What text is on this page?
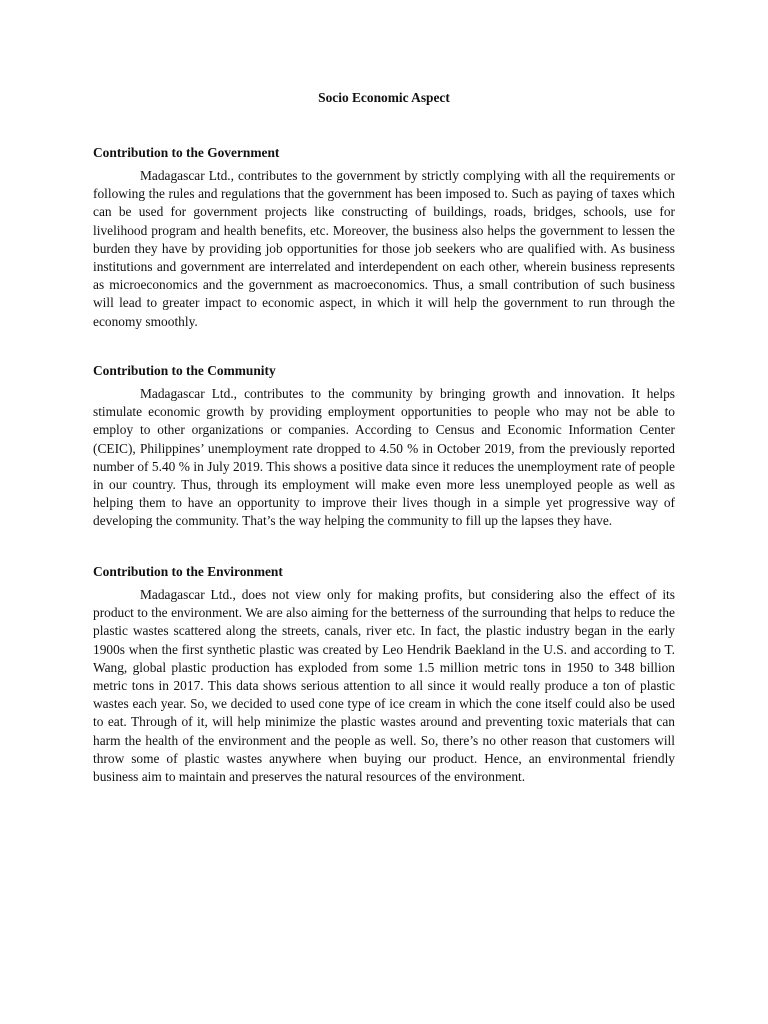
Socio Economic Aspect
Contribution to the Government

Madagascar Ltd., contributes to the government by strictly complying with all the requirements or following the rules and regulations that the government has been imposed to. Such as paying of taxes which can be used for government projects like constructing of buildings, roads, bridges, schools, use for livelihood program and health benefits, etc. Moreover, the business also helps the government to lessen the burden they have by providing job opportunities for those job seekers who are qualified with. As business institutions and government are interrelated and interdependent on each other, wherein business represents as microeconomics and the government as macroeconomics. Thus, a small contribution of such business will lead to greater impact to economic aspect, in which it will help the government to run through the economy smoothly.

Contribution to the Community

Madagascar Ltd., contributes to the community by bringing growth and innovation. It helps stimulate economic growth by providing employment opportunities to people who may not be able to employ to other organizations or companies. According to Census and Economic Information Center (CEIC), Philippines’ unemployment rate dropped to 4.50 % in October 2019, from the previously reported number of 5.40 % in July 2019. This shows a positive data since it reduces the unemployment rate of people in our country. Thus, through its employment will make even more less unemployed people as well as helping them to have an opportunity to improve their lives though in a simple yet progressive way of developing the community. That’s the way helping the community to fill up the lapses they have.

Contribution to the Environment

Madagascar Ltd., does not view only for making profits, but considering also the effect of its product to the environment. We are also aiming for the betterness of the surrounding that helps to reduce the plastic wastes scattered along the streets, canals, river etc. In fact, the plastic industry began in the early 1900s when the first synthetic plastic was created by Leo Hendrik Baekland in the U.S. and according to T. Wang, global plastic production has exploded from some 1.5 million metric tons in 1950 to 348 billion metric tons in 2017. This data shows serious attention to all since it would really produce a ton of plastic wastes each year. So, we decided to used cone type of ice cream in which the cone itself could also be used to eat. Through of it, will help minimize the plastic wastes around and preventing toxic materials that can harm the health of the environment and the people as well. So, there’s no other reason that customers will throw some of plastic wastes anywhere when buying our product. Hence, an environmental friendly business aim to maintain and preserves the natural resources of the environment.
